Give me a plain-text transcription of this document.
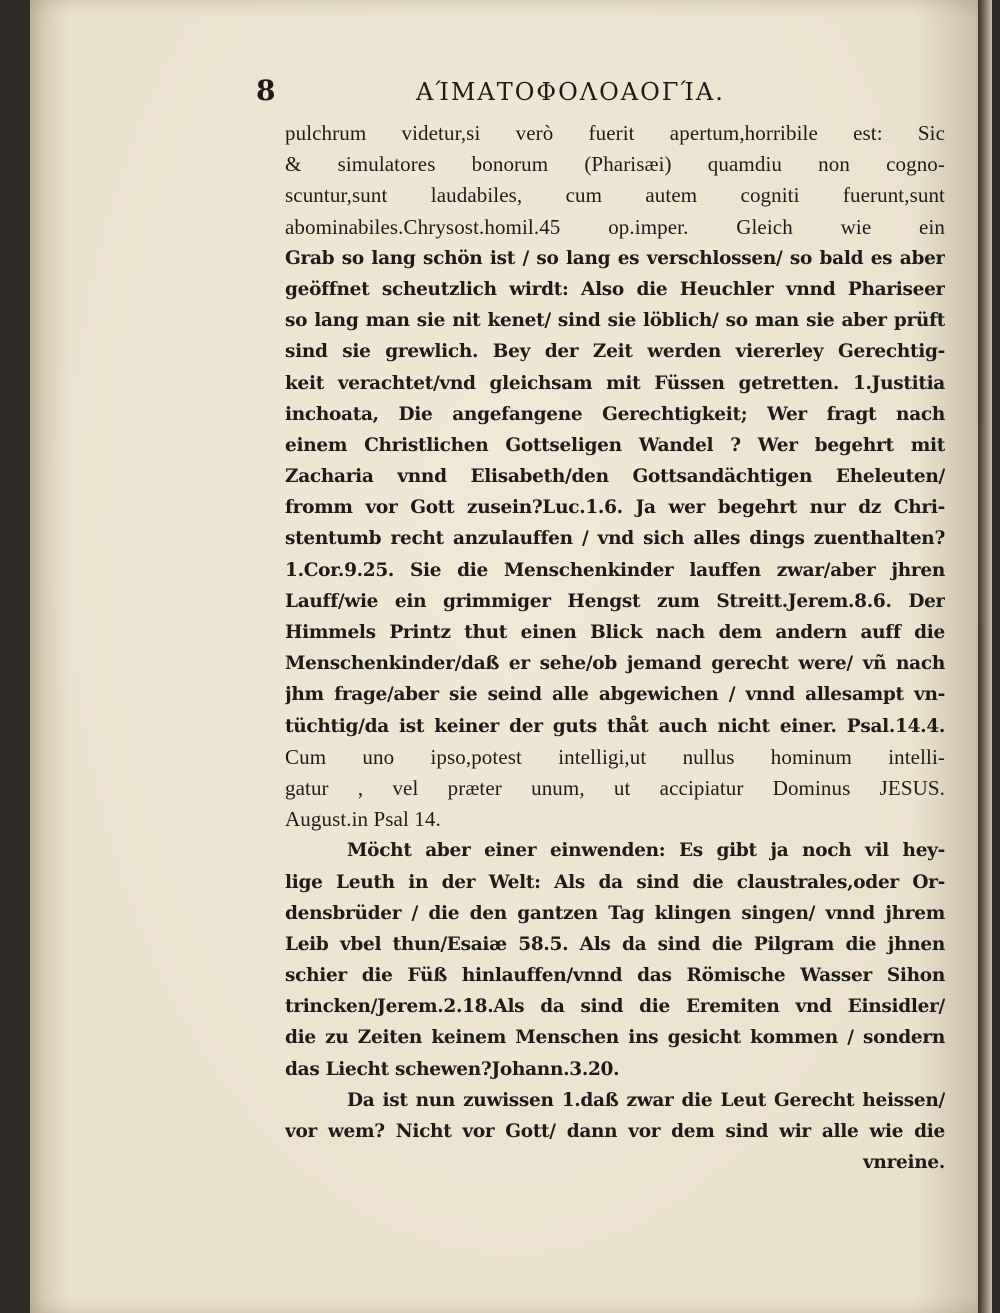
8	ΑΊΜΑΤΟΦΟΛΟΑΟΓΊΑ.
pulchrum videtur,si verò fuerit apertum,horribile est: Sic
& simulatores bonorum (Pharisæi) quamdiu non cogno-
scuntur,sunt laudabiles, cum autem cogniti fuerunt,sunt
abominabiles.Chrysost.homil.45 op.imper. Gleich wie ein
Grab so lang schön ist / so lang es verschlossen/ so bald es aber
geöffnet scheutzlich wirdt: Also die Heuchler vnnd Phariseer
so lang man sie nit kenet/ sind sie löblich/ so man sie aber prüft
sind sie grewlich. Bey der Zeit werden viererley Gerechtig-
keit verachtet/vnd gleichsam mit Füssen getretten. 1.Justitia
inchoata, Die angefangene Gerechtigkeit; Wer fragt nach
einem Christlichen Gottseligen Wandel ? Wer begehrt mit
Zacharia vnnd Elisabeth/den Gottsandächtigen Eheleuten/
fromm vor Gott zusein?Luc.1.6. Ja wer begehrt nur dz Chri-
stentumb recht anzulauffen / vnd sich alles dings zuenthalten?
1.Cor.9.25. Sie die Menschenkinder lauffen zwar/aber jhren
Lauff/wie ein grimmiger Hengst zum Streitt.Jerem.8.6. Der
Himmels Printz thut einen Blick nach dem andern auff die
Menschenkinder/daß er sehe/ob jemand gerecht were/ vñ nach
jhm frage/aber sie seind alle abgewichen / vnnd allesampt vn-
tüchtig/da ist keiner der guts thåt auch nicht einer. Psal.14.4.
Cum uno ipso,potest intelligi,ut nullus hominum intelli-
gatur , vel præter unum, ut accipiatur Dominus JESUS.
August.in Psal 14.
Möcht aber einer einwenden: Es gibt ja noch vil hey-
lige Leuth in der Welt: Als da sind die claustrales,oder Or-
densbrüder / die den gantzen Tag klingen singen/ vnnd jhrem
Leib vbel thun/Esaiæ 58.5. Als da sind die Pilgram die jhnen
schier die Füß hinlauffen/vnnd das Römische Wasser Sihon
trincken/Jerem.2.18.Als da sind die Eremiten vnd Einsidler/
die zu Zeiten keinem Menschen ins gesicht kommen / sondern
das Liecht schewen?Johann.3.20.
Da ist nun zuwissen 1.daß zwar die Leut Gerecht heissen/
vor wem? Nicht vor Gott/ dann vor dem sind wir alle wie die
vnreine.
